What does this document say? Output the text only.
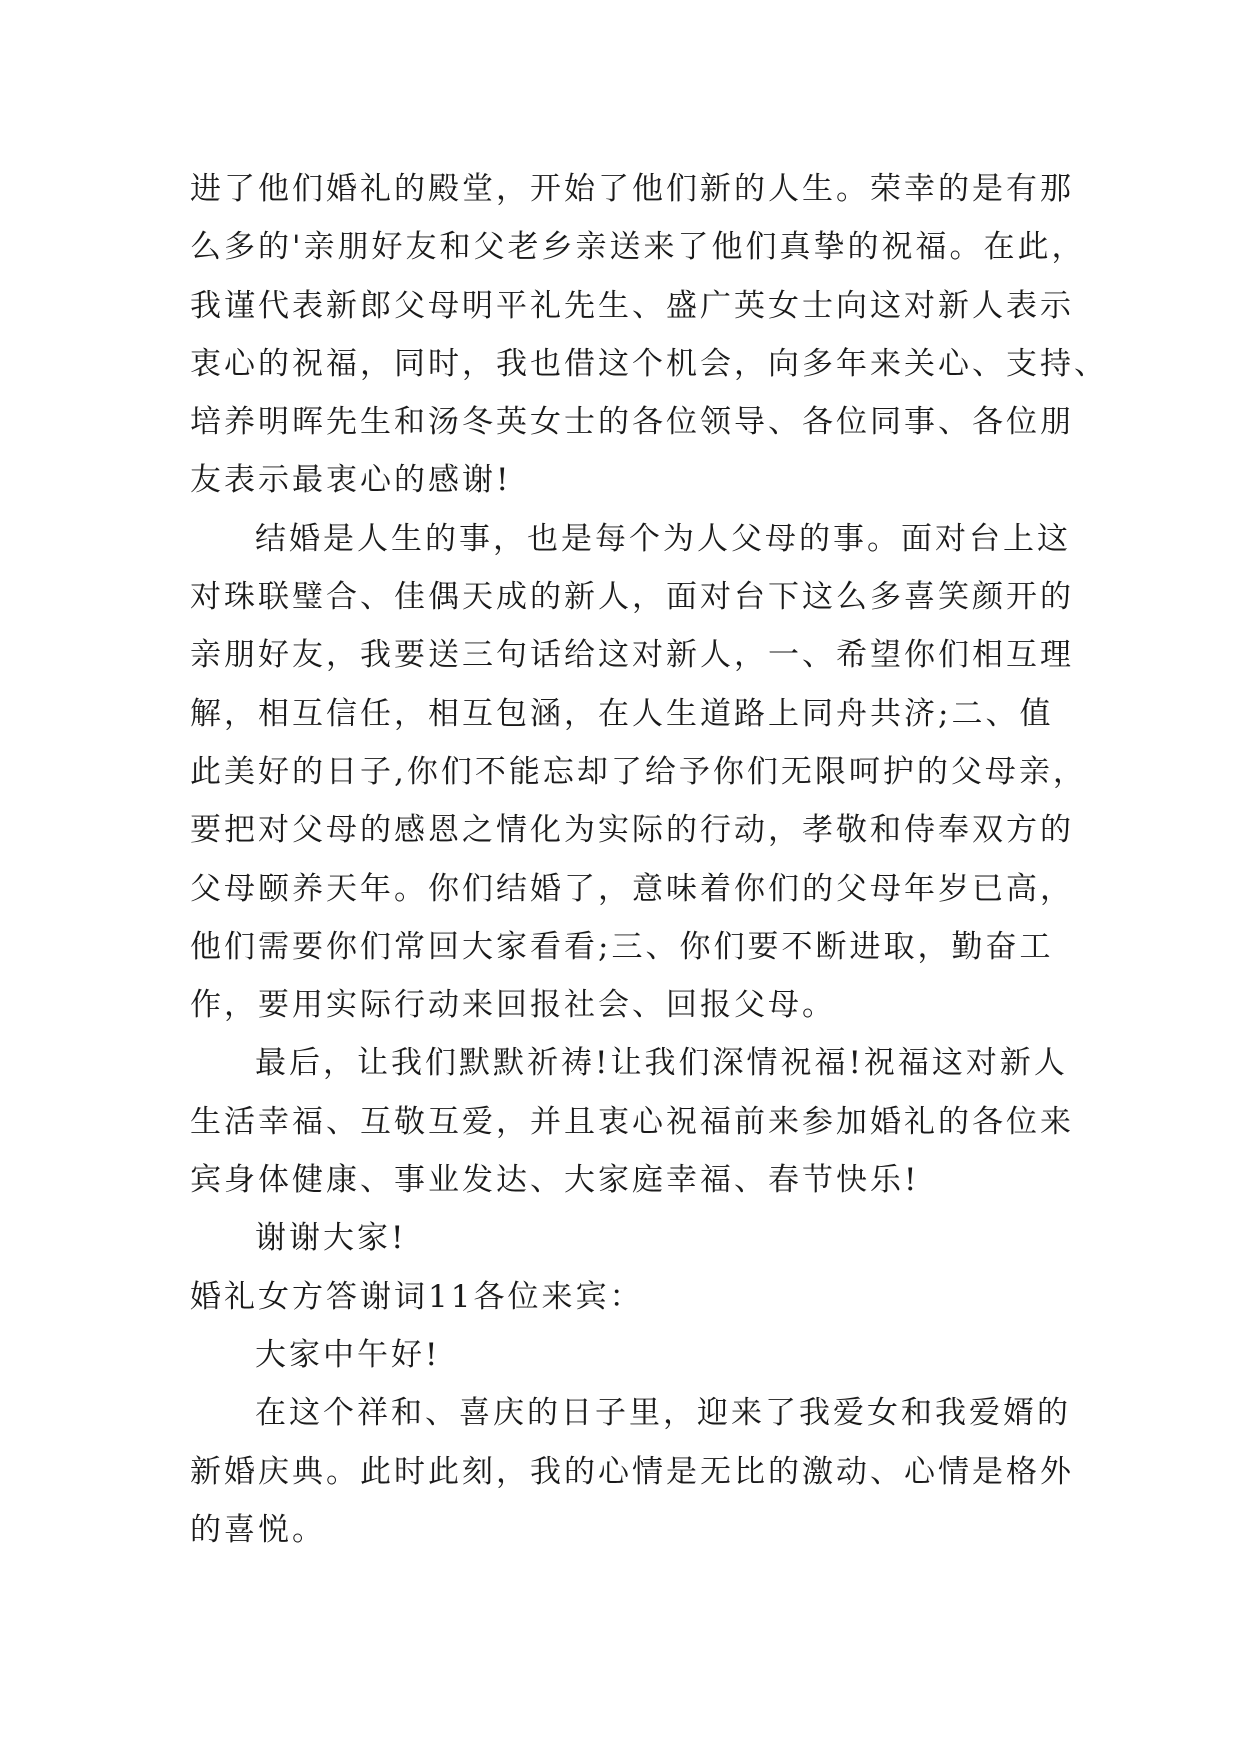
进了他们婚礼的殿堂，开始了他们新的人生。荣幸的是有那
么多的'亲朋好友和父老乡亲送来了他们真挚的祝福。在此，
我谨代表新郎父母明平礼先生、盛广英女士向这对新人表示
衷心的祝福，同时，我也借这个机会，向多年来关心、支持、
培养明晖先生和汤冬英女士的各位领导、各位同事、各位朋
友表示最衷心的感谢!
结婚是人生的事，也是每个为人父母的事。面对台上这
对珠联璧合、佳偶天成的新人，面对台下这么多喜笑颜开的
亲朋好友，我要送三句话给这对新人，一、希望你们相互理
解，相互信任，相互包涵，在人生道路上同舟共济;二、值
此美好的日子,你们不能忘却了给予你们无限呵护的父母亲，
要把对父母的感恩之情化为实际的行动，孝敬和侍奉双方的
父母颐养天年。你们结婚了，意味着你们的父母年岁已高，
他们需要你们常回大家看看;三、你们要不断进取，勤奋工
作，要用实际行动来回报社会、回报父母。
最后，让我们默默祈祷!让我们深情祝福!祝福这对新人
生活幸福、互敬互爱，并且衷心祝福前来参加婚礼的各位来
宾身体健康、事业发达、大家庭幸福、春节快乐!
谢谢大家!
婚礼女方答谢词11各位来宾：
大家中午好!
在这个祥和、喜庆的日子里，迎来了我爱女和我爱婿的
新婚庆典。此时此刻，我的心情是无比的激动、心情是格外
的喜悦。
